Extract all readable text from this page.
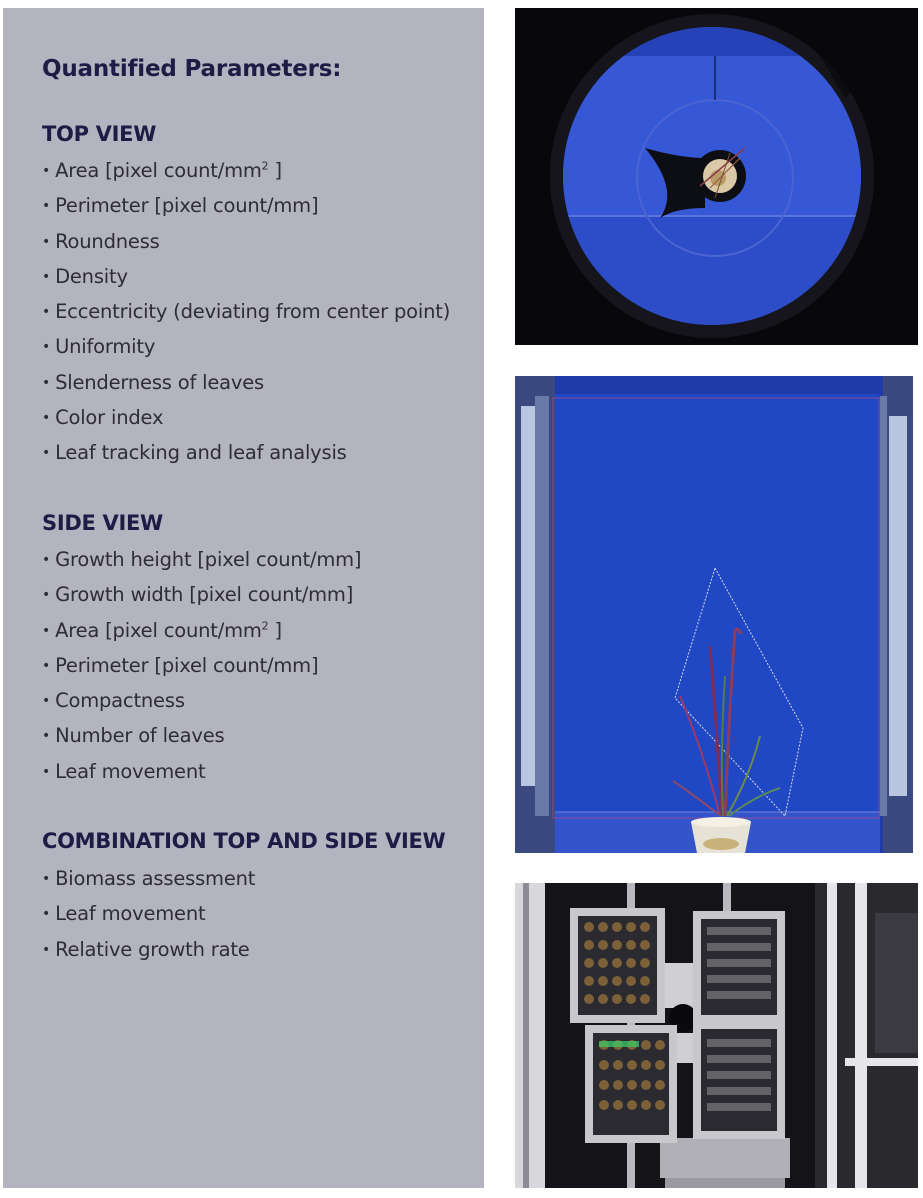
Quantified Parameters:
TOP VIEW
• Area [pixel count/$mm^2$ ]
• Perimeter [pixel count/mm]
• Roundness
• Density
• Eccentricity (deviating from center point)
• Uniformity
• Slenderness of leaves
• Color index
• Leaf tracking and leaf analysis
SIDE VIEW
• Growth height [pixel count/mm]
• Growth width [pixel count/mm]
• Area [pixel count/$mm^2$ ]
• Perimeter [pixel count/mm]
• Compactness
• Number of leaves
• Leaf movement
COMBINATION TOP AND SIDE VIEW
• Biomass assessment
• Leaf movement
• Relative growth rate
